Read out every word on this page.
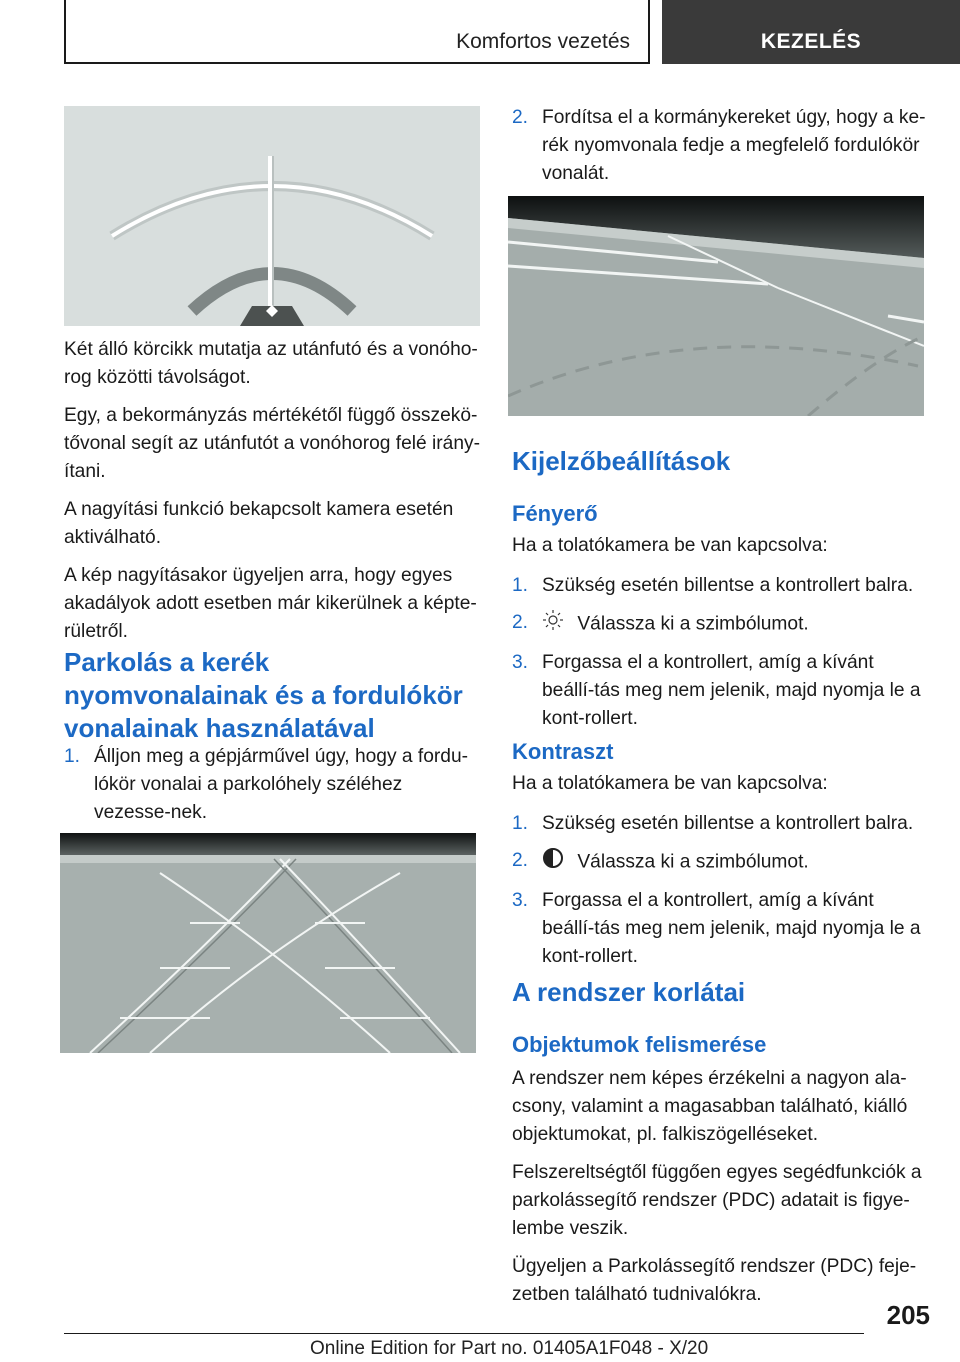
Komfortos vezetés	KEZELÉS

Két álló körcikk mutatja az utánfutó és a vonóho-rog közötti távolságot.

Egy, a bekormányzás mértékétől függő összekö-tővonal segít az utánfutót a vonóhorog felé irány-ítani.

A nagyítási funkció bekapcsolt kamera esetén aktiválható.

A kép nagyításakor ügyeljen arra, hogy egyes akadályok adott esetben már kikerülnek a képte-rületről.

Parkolás a kerék
nyomvonalainak és a fordulókör
vonalainak használatával
1. Álljon meg a gépjárművel úgy, hogy a fordu-lókör vonalai a parkolóhely széléhez vezesse-nek.
2. Fordítsa el a kormánykereket úgy, hogy a ke-rék nyomvonala fedje a megfelelő fordulókör vonalát.
Kijelzőbeállítások
Fényerő

Ha a tolatókamera be van kapcsolva:

1. Szükség esetén billentse a kontrollert balra.
2.	Válassza ki a szimbólumot.
3. Forgassa el a kontrollert, amíg a kívánt beállí-tás meg nem jelenik, majd nyomja le a kont-rollert.
Kontraszt

Ha a tolatókamera be van kapcsolva:

1. Szükség esetén billentse a kontrollert balra.
2.	Válassza ki a szimbólumot.
3. Forgassa el a kontrollert, amíg a kívánt beállí-tás meg nem jelenik, majd nyomja le a kont-rollert.
A rendszer korlátai
Objektumok felismerése

A rendszer nem képes érzékelni a nagyon ala-csony, valamint a magasabban található, kiálló objektumokat, pl. falkiszögelléseket.

Felszereltségtől függően egyes segédfunkciók a parkolássegítő rendszer (PDC) adatait is figye-lembe veszik.

Ügyeljen a Parkolássegítő rendszer (PDC) feje-zetben található tudnivalókra.

205
Online Edition for Part no. 01405A1F048 - X/20
